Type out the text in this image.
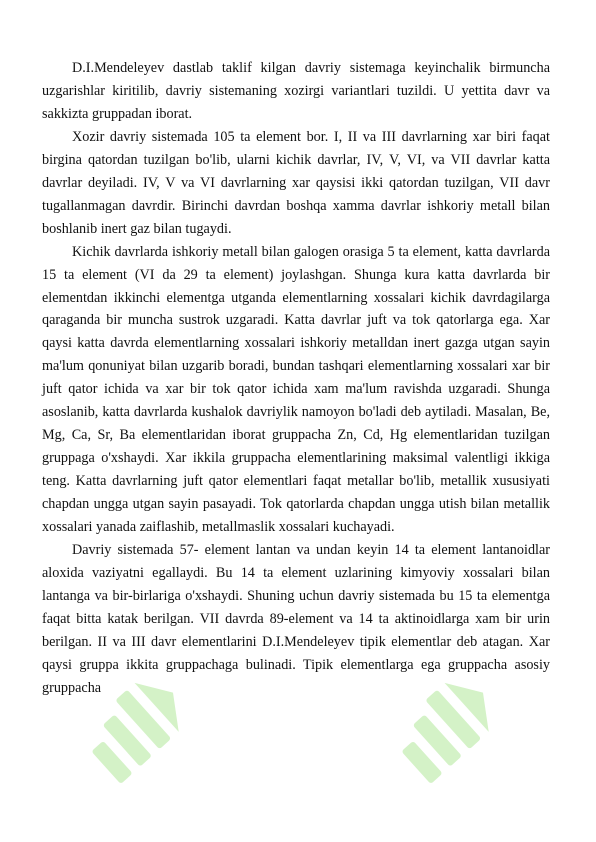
D.I.Mendeleyev dastlab taklif kilgan davriy sistemaga keyinchalik birmuncha uzgarishlar kiritilib, davriy sistemaning xozirgi variantlari tuzildi. U yettita davr va sakkizta gruppadan iborat.

Xozir davriy sistemada 105 ta element bor. I, II va III davrlarning xar biri faqat birgina qatordan tuzilgan bo'lib, ularni kichik davrlar, IV, V, VI, va VII davrlar katta davrlar deyiladi. IV, V va VI davrlarning xar qaysisi ikki qatordan tuzilgan, VII davr tugallanmagan davrdir. Birinchi davrdan boshqa xamma davrlar ishkoriy metall bilan boshlanib inert gaz bilan tugaydi.

Kichik davrlarda ishkoriy metall bilan galogen orasiga 5 ta element, katta davrlarda 15 ta element (VI da 29 ta element) joylashgan. Shunga kura katta davrlarda bir elementdan ikkinchi elementga utganda elementlarning xossalari kichik davrdagilarga qaraganda bir muncha sustrok uzgaradi. Katta davrlar juft va tok qatorlarga ega. Xar qaysi katta davrda elementlarning xossalari ishkoriy metalldan inert gazga utgan sayin ma'lum qonuniyat bilan uzgarib boradi, bundan tashqari elementlarning xossalari xar bir juft qator ichida va xar bir tok qator ichida xam ma'lum ravishda uzgaradi. Shunga asoslanib, katta davrlarda kushalok davriylik namoyon bo'ladi deb aytiladi. Masalan, Be, Mg, Ca, Sr, Ba elementlaridan iborat gruppacha Zn, Cd, Hg elementlaridan tuzilgan gruppaga o'xshaydi. Xar ikkila gruppacha elementlarining maksimal valentligi ikkiga teng. Katta davrlarning juft qator elementlari faqat metallar bo'lib, metallik xususiyati chapdan ungga utgan sayin pasayadi. Tok qatorlarda chapdan ungga utish bilan metallik xossalari yanada zaiflashib, metallmaslik xossalari kuchayadi.

Davriy sistemada 57- element lantan va undan keyin 14 ta element lantanoidlar aloxida vaziyatni egallaydi. Bu 14 ta element uzlarining kimyoviy xossalari bilan lantanga va bir-birlariga o'xshaydi. Shuning uchun davriy sistemada bu 15 ta elementga faqat bitta katak berilgan. VII davrda 89-element va 14 ta aktinoidlarga xam bir urin berilgan. II va III davr elementlarini D.I.Mendeleyev tipik elementlar deb atagan. Xar qaysi gruppa ikkita gruppachaga bulinadi. Tipik elementlarga ega gruppacha asosiy gruppacha
